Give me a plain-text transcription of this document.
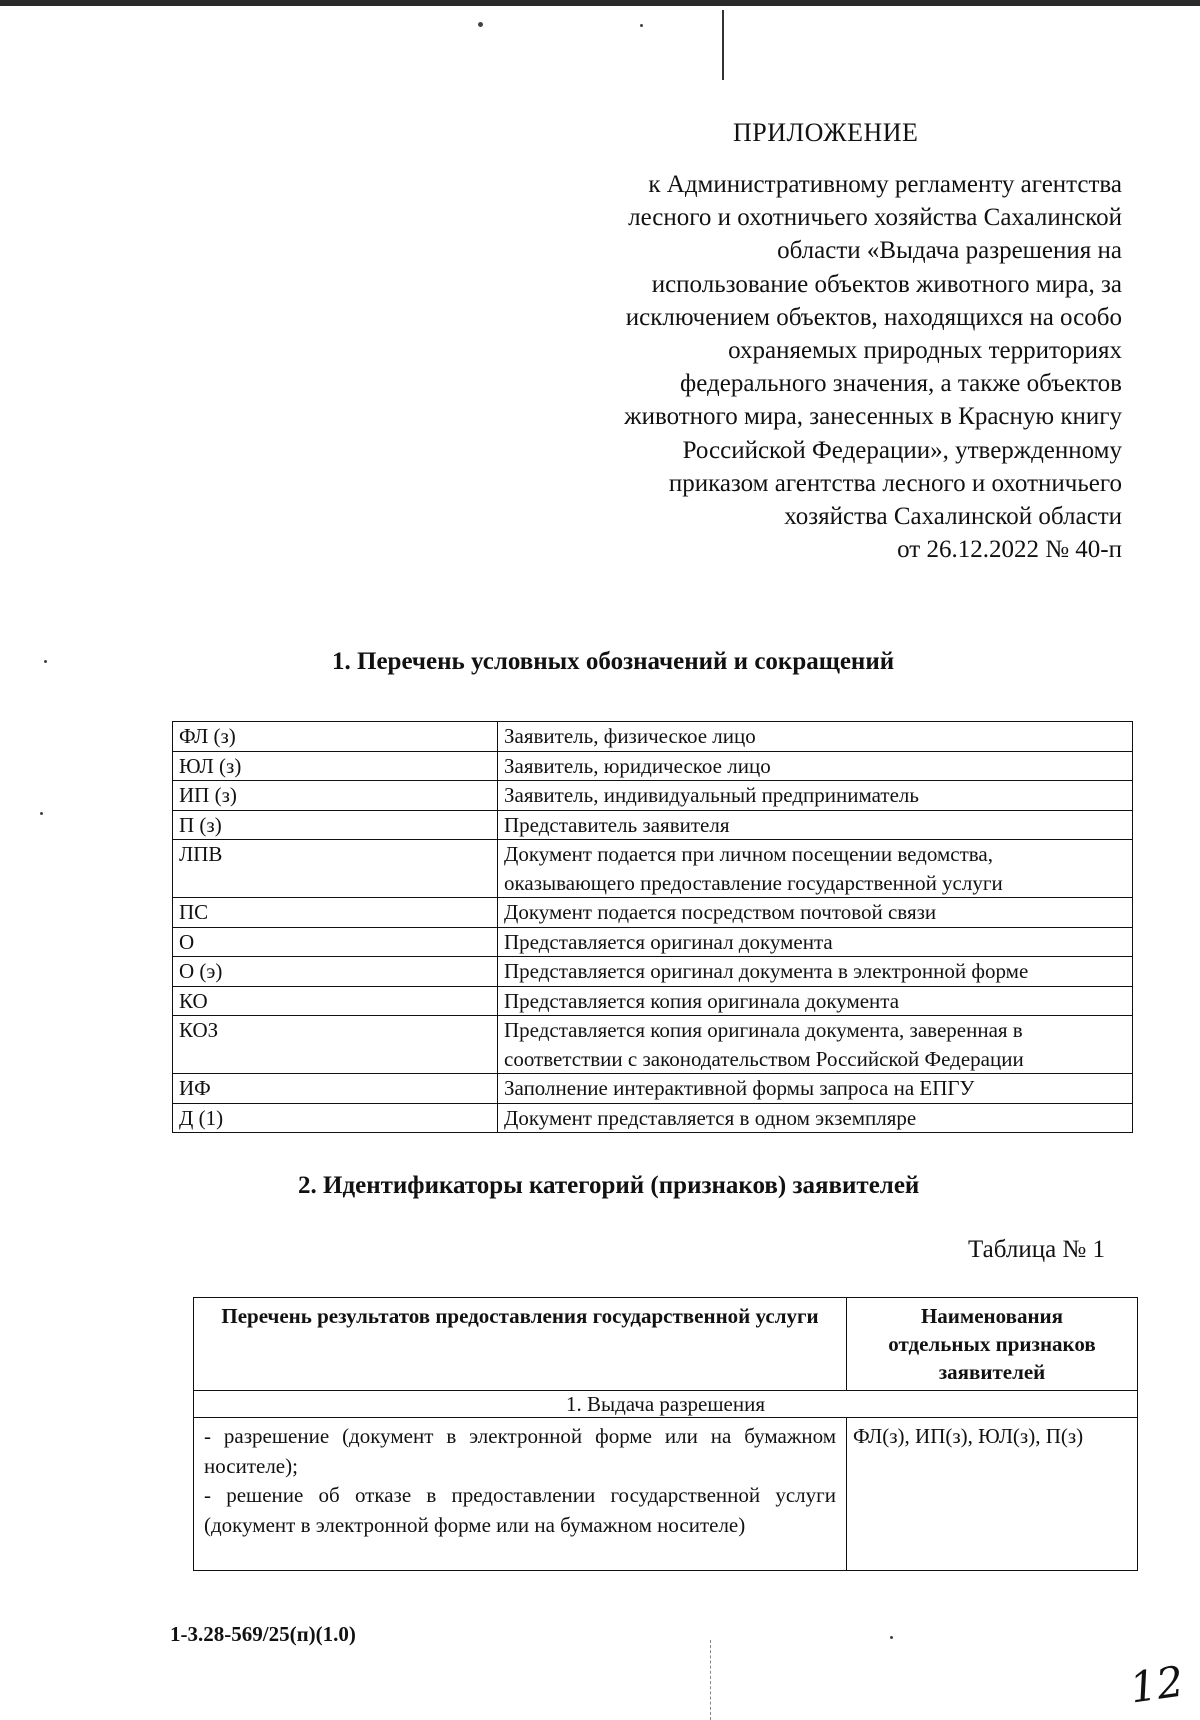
ПРИЛОЖЕНИЕ
к Административному регламенту агентства
лесного и охотничьего хозяйства Сахалинской
области «Выдача разрешения на
использование объектов животного мира, за
исключением объектов, находящихся на особо
охраняемых природных территориях
федерального значения, а также объектов
животного мира, занесенных в Красную книгу
Российской Федерации», утвержденному
приказом агентства лесного и охотничьего
хозяйства Сахалинской области
от 26.12.2022 № 40-п
1. Перечень условных обозначений и сокращений
ФЛ (з)	Заявитель, физическое лицо
ЮЛ (з)	Заявитель, юридическое лицо
ИП (з)	Заявитель, индивидуальный предприниматель
П (з)	Представитель заявителя
ЛПВ	Документ подается при личном посещении ведомства,
оказывающего предоставление государственной услуги

ПС	Документ подается посредством почтовой связи
О	Представляется оригинал документа
О (э)	Представляется оригинал документа в электронной форме
КО	Представляется копия оригинала документа
КОЗ	Представляется копия оригинала документа, заверенная в
соответствии с законодательством Российской Федерации

ИФ	Заполнение интерактивной формы запроса на ЕПГУ
Д (1)	Документ представляется в одном экземпляре
2. Идентификаторы категорий (признаков) заявителей
Таблица № 1
Перечень результатов предоставления государственной услуги	Наименования
отдельных признаков
заявителей

1. Выдача разрешения	

- разрешение (документ в электронной форме или на бумажном носителе);
- решение об отказе в предоставлении государственной услуги (документ в электронной форме или на бумажном носителе)	ФЛ(з), ИП(з), ЮЛ(з), П(з)
1-3.28-569/25(п)(1.0)
12
